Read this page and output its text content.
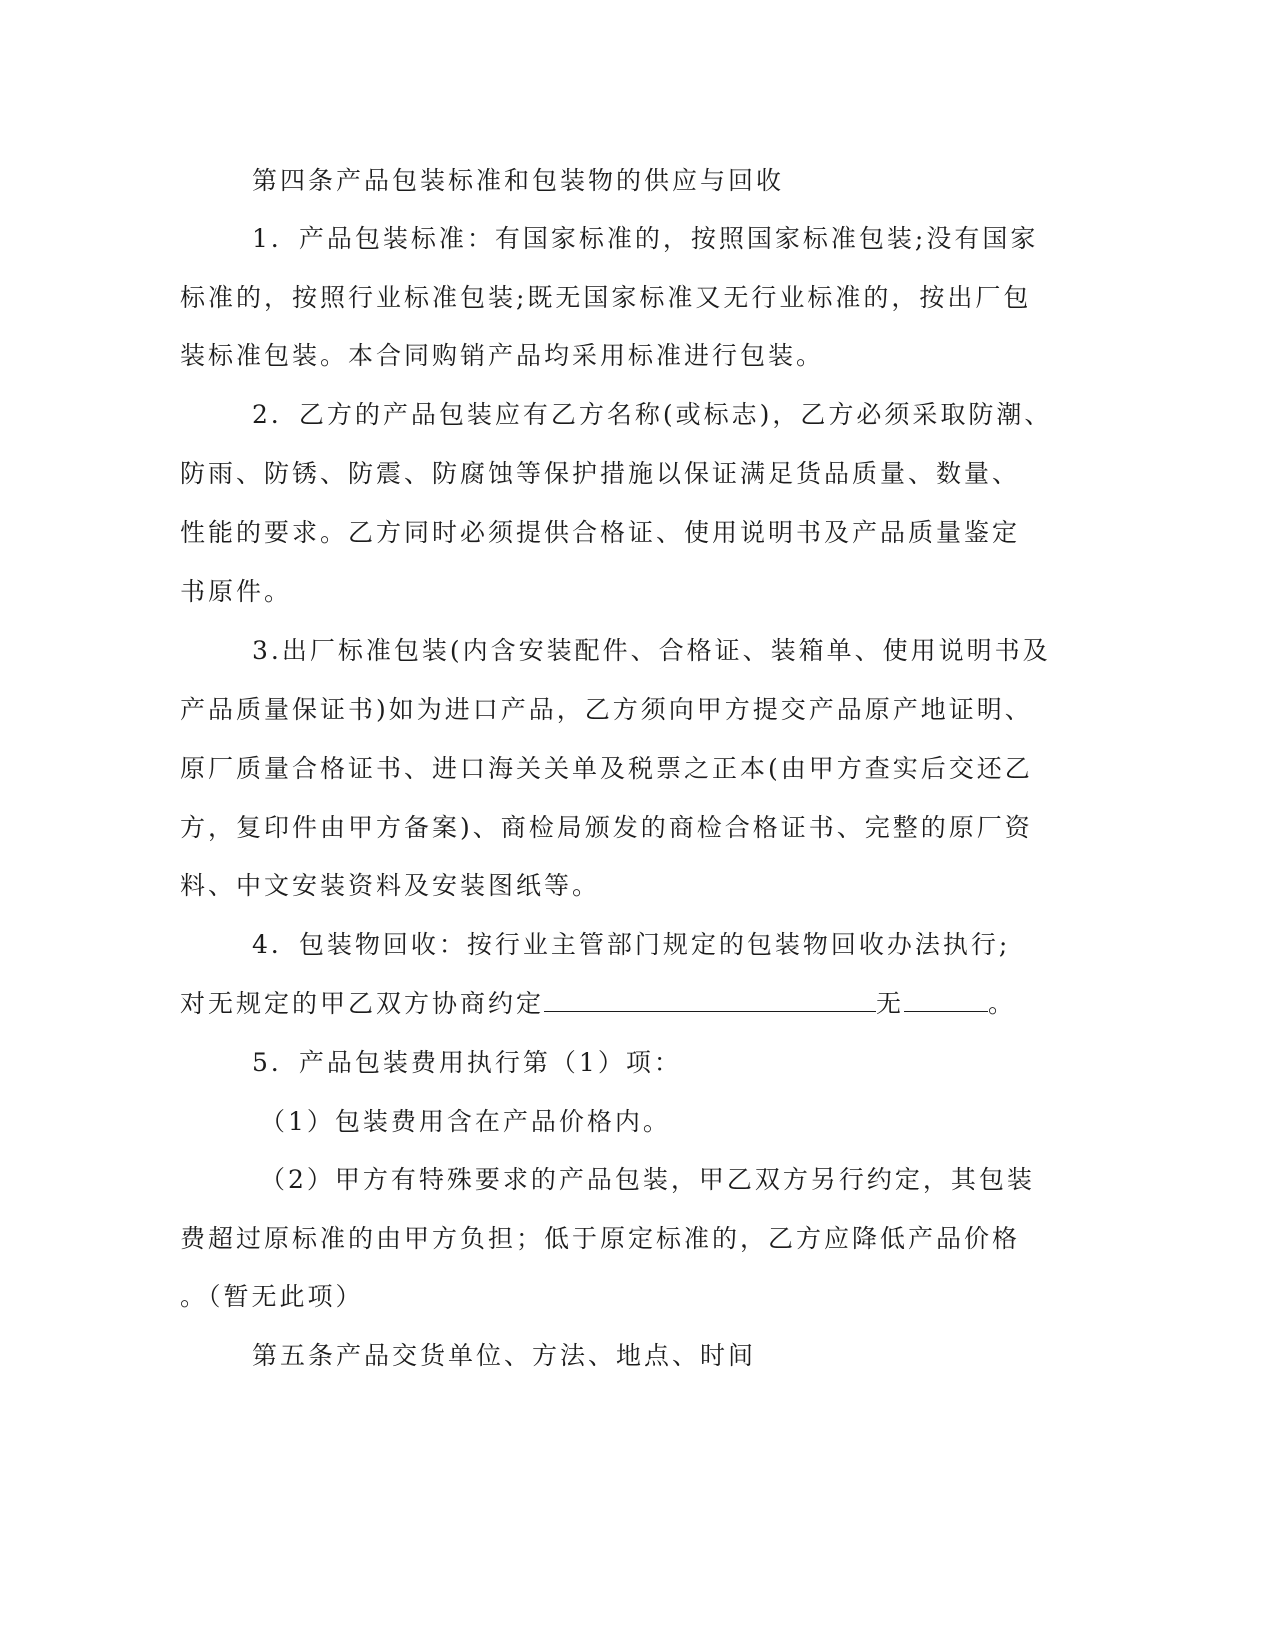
第四条产品包装标准和包装物的供应与回收
1．产品包装标准：有国家标准的，按照国家标准包装;没有国家
标准的，按照行业标准包装;既无国家标准又无行业标准的，按出厂包
装标准包装。本合同购销产品均采用标准进行包装。
2．乙方的产品包装应有乙方名称(或标志)，乙方必须采取防潮、
防雨、防锈、防震、防腐蚀等保护措施以保证满足货品质量、数量、
性能的要求。乙方同时必须提供合格证、使用说明书及产品质量鉴定
书原件。
3.出厂标准包装(内含安装配件、合格证、装箱单、使用说明书及
产品质量保证书)如为进口产品，乙方须向甲方提交产品原产地证明、
原厂质量合格证书、进口海关关单及税票之正本(由甲方查实后交还乙
方，复印件由甲方备案)、商检局颁发的商检合格证书、完整的原厂资
料、中文安装资料及安装图纸等。
4．包装物回收：按行业主管部门规定的包装物回收办法执行;
对无规定的甲乙双方协商约定	无	。
5．产品包装费用执行第（1）项：
（1）包装费用含在产品价格内。
（2）甲方有特殊要求的产品包装，甲乙双方另行约定，其包装
费超过原标准的由甲方负担；低于原定标准的，乙方应降低产品价格
。（暂无此项）
第五条产品交货单位、方法、地点、时间
